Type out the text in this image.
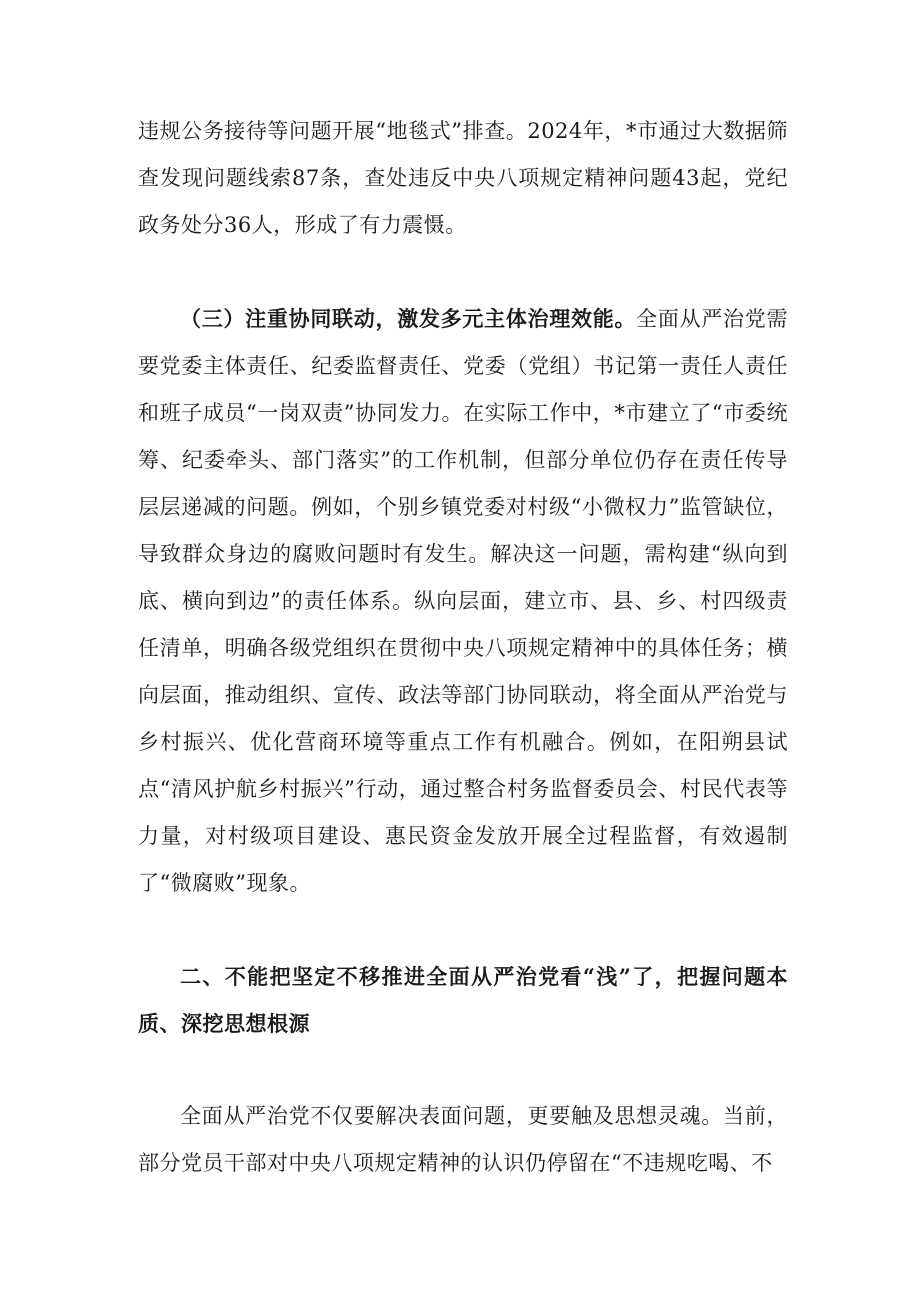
违规公务接待等问题开展“地毯式”排查。2024年，*市通过大数据筛查发现问题线索87条，查处违反中央八项规定精神问题43起，党纪政务处分36人，形成了有力震慑。

（三）注重协同联动，激发多元主体治理效能。全面从严治党需要党委主体责任、纪委监督责任、党委（党组）书记第一责任人责任和班子成员“一岗双责”协同发力。在实际工作中，*市建立了“市委统筹、纪委牵头、部门落实”的工作机制，但部分单位仍存在责任传导层层递减的问题。例如，个别乡镇党委对村级“小微权力”监管缺位，导致群众身边的腐败问题时有发生。解决这一问题，需构建“纵向到底、横向到边”的责任体系。纵向层面，建立市、县、乡、村四级责任清单，明确各级党组织在贯彻中央八项规定精神中的具体任务；横向层面，推动组织、宣传、政法等部门协同联动，将全面从严治党与乡村振兴、优化营商环境等重点工作有机融合。例如，在阳朔县试点“清风护航乡村振兴”行动，通过整合村务监督委员会、村民代表等力量，对村级项目建设、惠民资金发放开展全过程监督，有效遏制了“微腐败”现象。

二、不能把坚定不移推进全面从严治党看“浅”了，把握问题本质、深挖思想根源

全面从严治党不仅要解决表面问题，更要触及思想灵魂。当前，部分党员干部对中央八项规定精神的认识仍停留在“不违规吃喝、不
